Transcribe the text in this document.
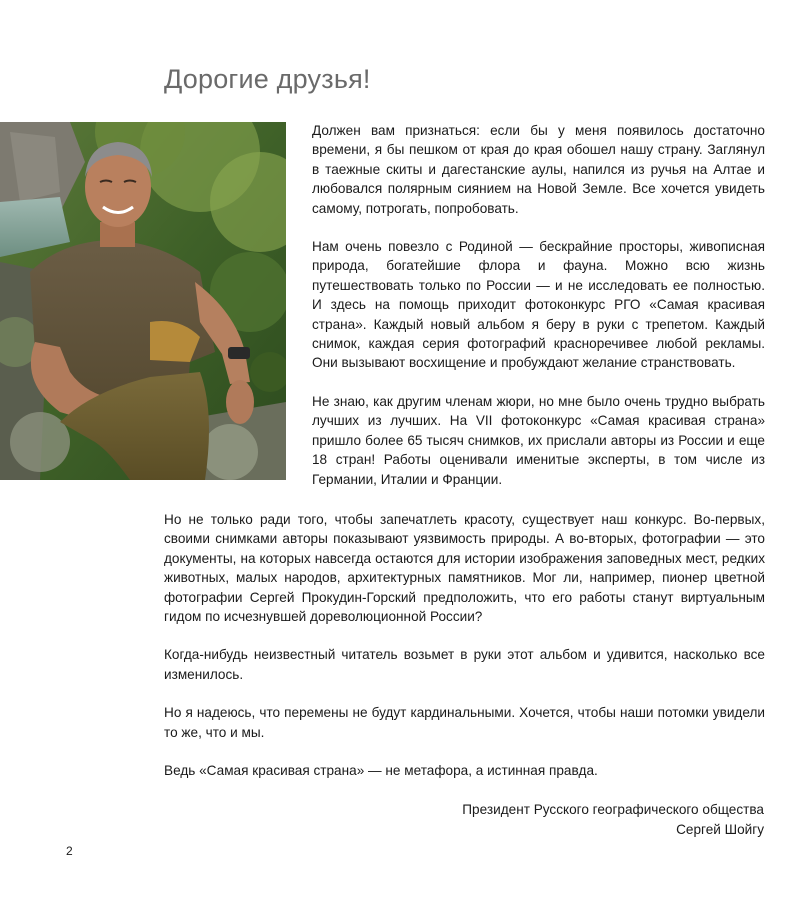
Дорогие друзья!

Должен вам признаться: если бы у меня появилось достаточно времени, я бы пешком от края до края обошел нашу страну. Заглянул в таежные скиты и дагестанские аулы, напился из ручья на Алтае и любовался полярным сиянием на Новой Земле. Все хочется увидеть самому, потрогать, попробовать.

Нам очень повезло с Родиной — бескрайние просторы, живописная природа, богатейшие флора и фауна. Можно всю жизнь путешествовать только по России — и не исследовать ее полностью. И здесь на помощь приходит фотоконкурс РГО «Самая красивая страна». Каждый новый альбом я беру в руки с трепетом. Каждый снимок, каждая серия фотографий красноречивее любой рекламы. Они вызывают восхищение и пробуждают желание странствовать.

Не знаю, как другим членам жюри, но мне было очень трудно выбрать лучших из лучших. На VII фотоконкурс «Самая красивая страна» пришло более 65 тысяч снимков, их прислали авторы из России и еще 18 стран! Работы оценивали именитые эксперты, в том числе из Германии, Италии и Франции.

Но не только ради того, чтобы запечатлеть красоту, существует наш конкурс. Во-первых, своими снимками авторы показывают уязвимость природы. А во-вторых, фотографии — это документы, на которых навсегда остаются для истории изображения заповедных мест, редких животных, малых народов, архитектурных памятников. Мог ли, например, пионер цветной фотографии Сергей Прокудин-Горский предположить, что его работы станут виртуальным гидом по исчезнувшей дореволюционной России?

Когда-нибудь неизвестный читатель возьмет в руки этот альбом и удивится, насколько все изменилось.

Но я надеюсь, что перемены не будут кардинальными. Хочется, чтобы наши потомки увидели то же, что и мы.

Ведь «Самая красивая страна» — не метафора, а истинная правда.

Президент Русского географического общества
Сергей Шойгу
2
